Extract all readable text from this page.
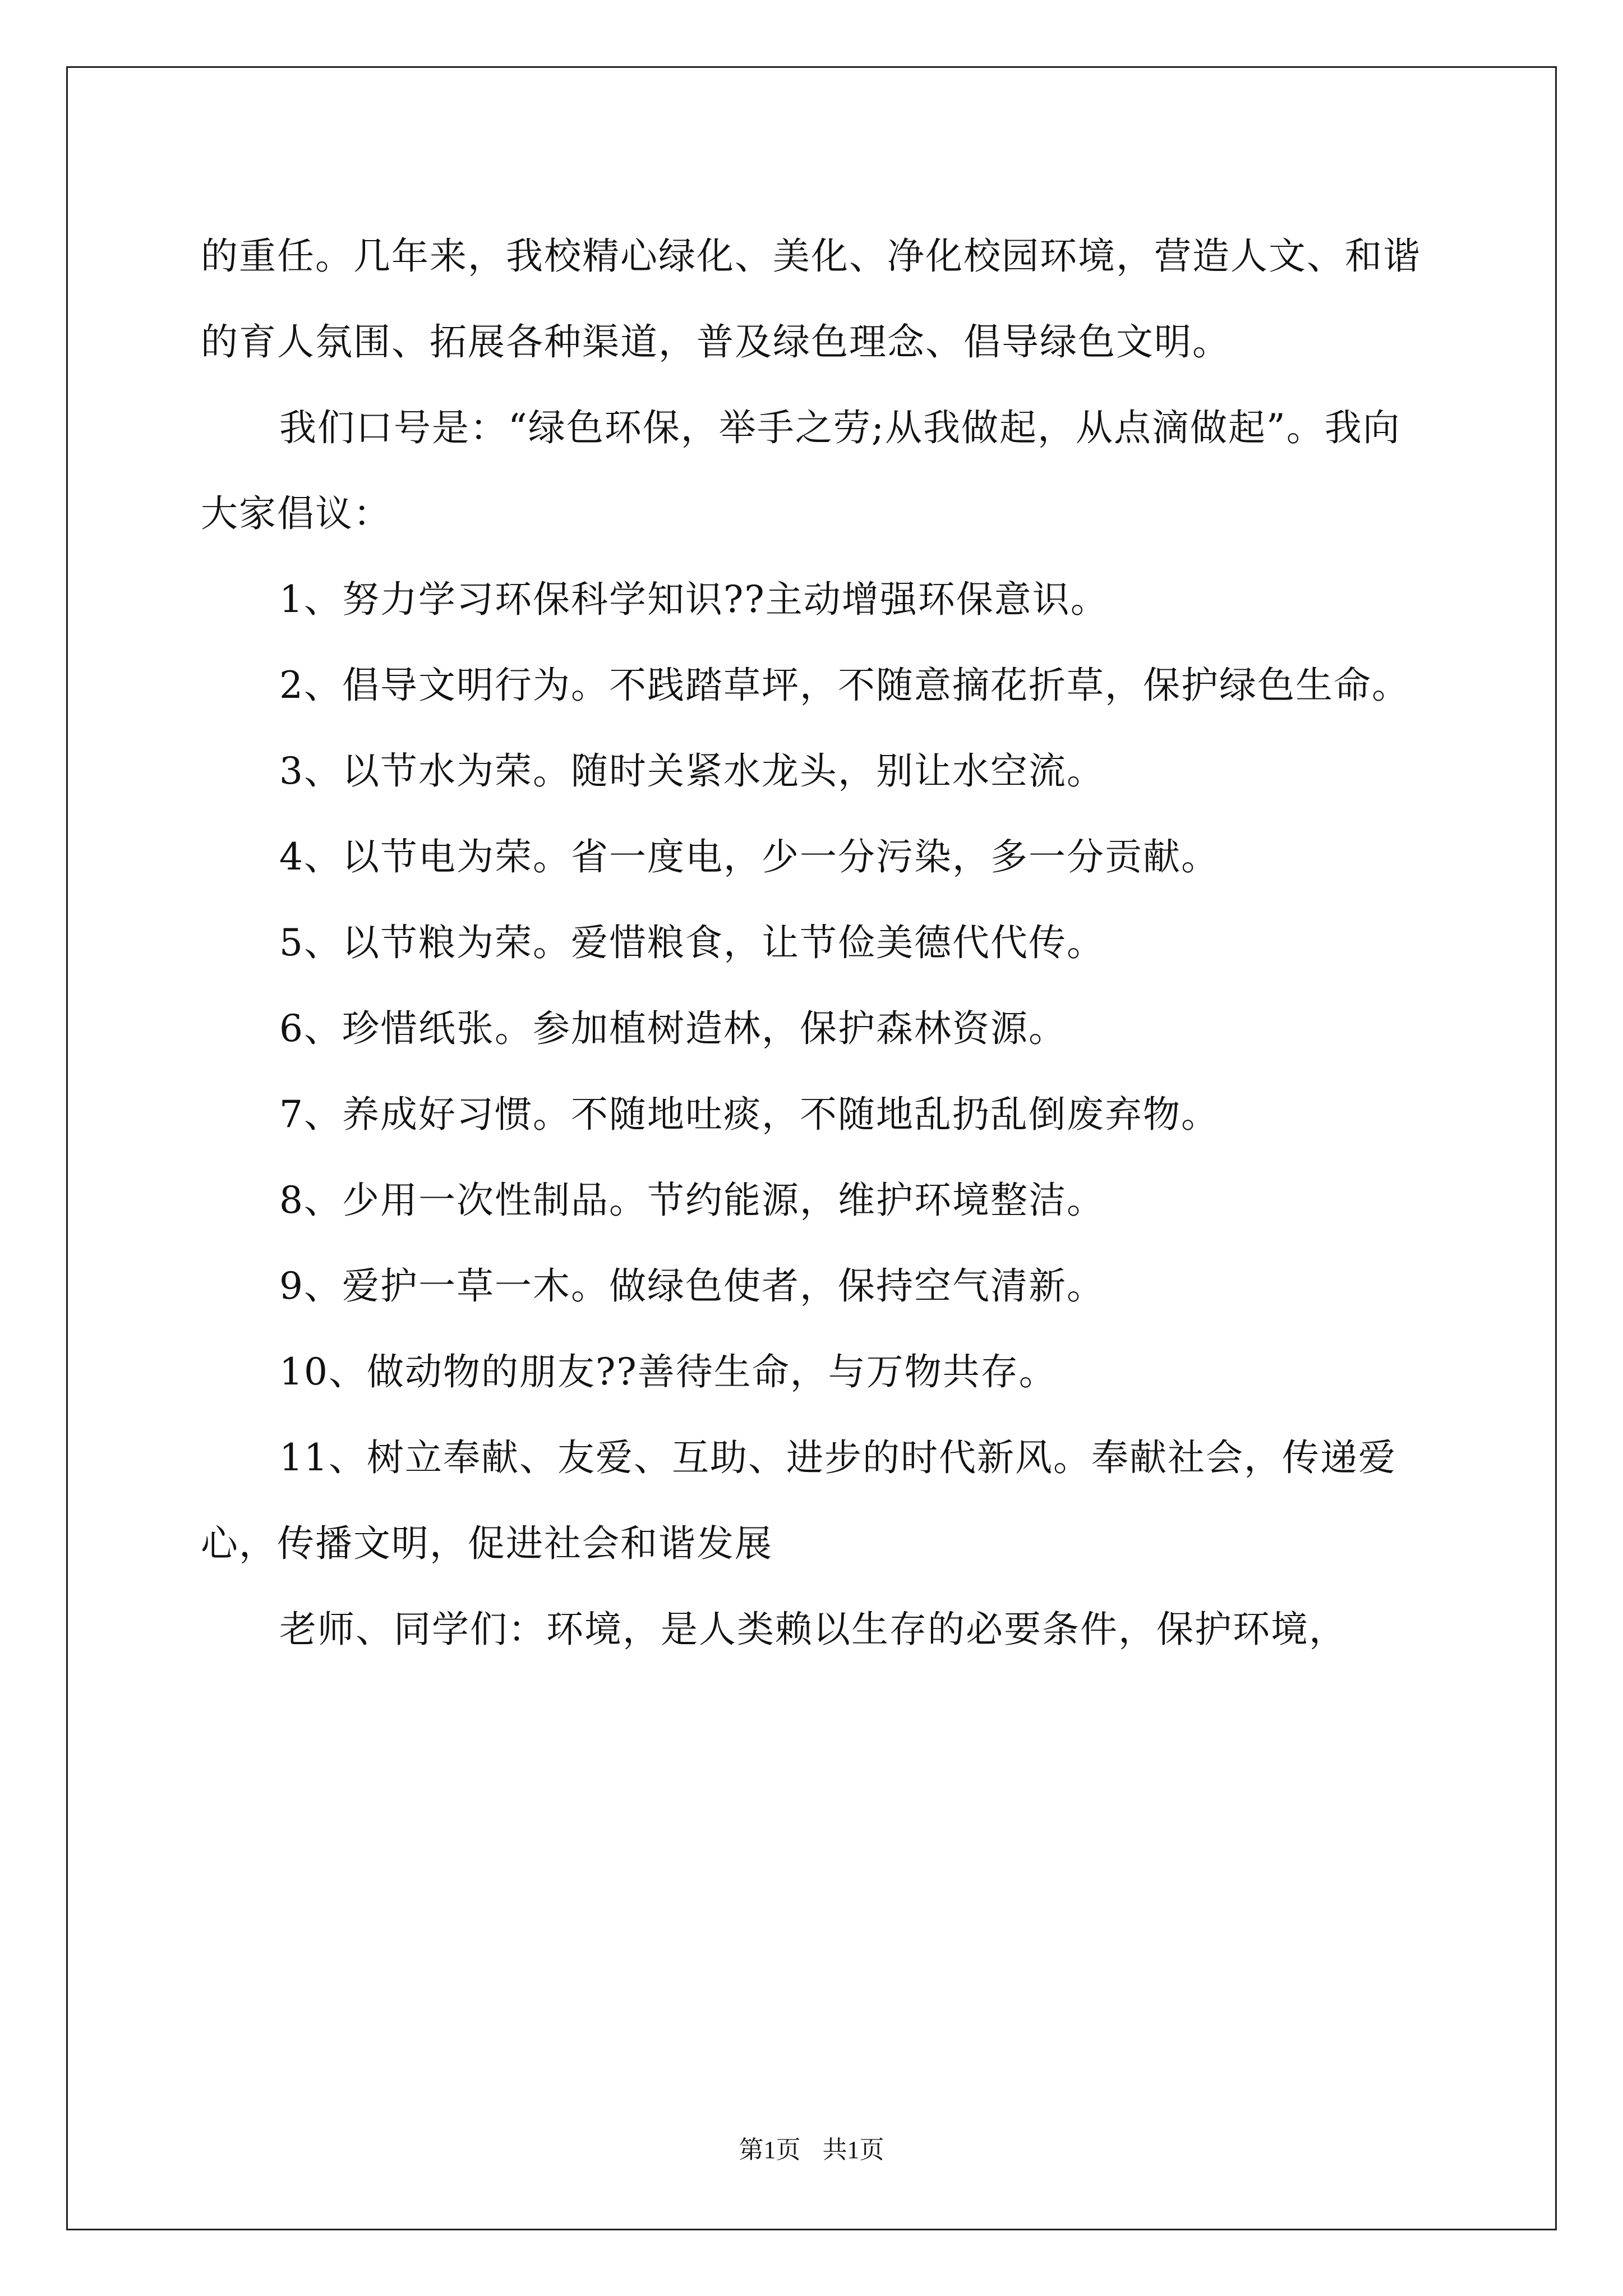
的重任。几年来，我校精心绿化、美化、净化校园环境，营造人文、和谐的育人氛围、拓展各种渠道，普及绿色理念、倡导绿色文明。

我们口号是：“绿色环保，举手之劳;从我做起，从点滴做起”。我向大家倡议：

1、努力学习环保科学知识??主动增强环保意识。

2、倡导文明行为。不践踏草坪，不随意摘花折草，保护绿色生命。

3、以节水为荣。随时关紧水龙头，别让水空流。

4、以节电为荣。省一度电，少一分污染，多一分贡献。

5、以节粮为荣。爱惜粮食，让节俭美德代代传。

6、珍惜纸张。参加植树造林，保护森林资源。

7、养成好习惯。不随地吐痰，不随地乱扔乱倒废弃物。

8、少用一次性制品。节约能源，维护环境整洁。

9、爱护一草一木。做绿色使者，保持空气清新。

10、做动物的朋友??善待生命，与万物共存。

11、树立奉献、友爱、互助、进步的时代新风。奉献社会，传递爱心，传播文明，促进社会和谐发展

老师、同学们：环境，是人类赖以生存的必要条件，保护环境，

第1页 共1页
